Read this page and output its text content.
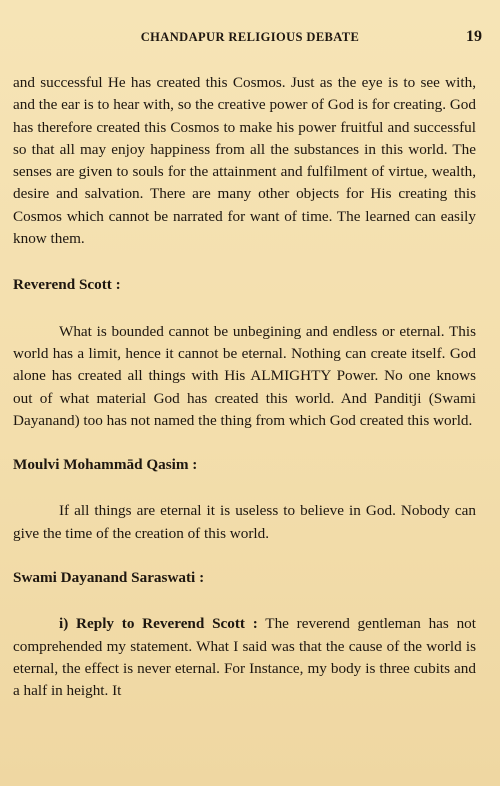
CHANDAPUR RELIGIOUS DEBATE	19

and successful He has created this Cosmos. Just as the eye is to see with, and the ear is to hear with, so the creative power of God is for creating. God has therefore created this Cosmos to make his power fruitful and successful so that all may enjoy happiness from all the substances in this world. The senses are given to souls for the attainment and fulfilment of virtue, wealth, desire and salvation. There are many other objects for His creating this Cosmos which cannot be narrated for want of time. The learned can easily know them.

Reverend Scott :

What is bounded cannot be unbegining and endless or eternal. This world has a limit, hence it cannot be eternal. Nothing can create itself. God alone has created all things with His ALMIGHTY Power. No one knows out of what material God has created this world. And Panditji (Swami Dayanand) too has not named the thing from which God created this world.

Moulvi Mohammād Qasim :

If all things are eternal it is useless to believe in God. Nobody can give the time of the creation of this world.

Swami Dayanand Saraswati :

i) Reply to Reverend Scott : The reverend gentleman has not comprehended my statement. What I said was that the cause of the world is eternal, the effect is never eternal. For Instance, my body is three cubits and a half in height. It
